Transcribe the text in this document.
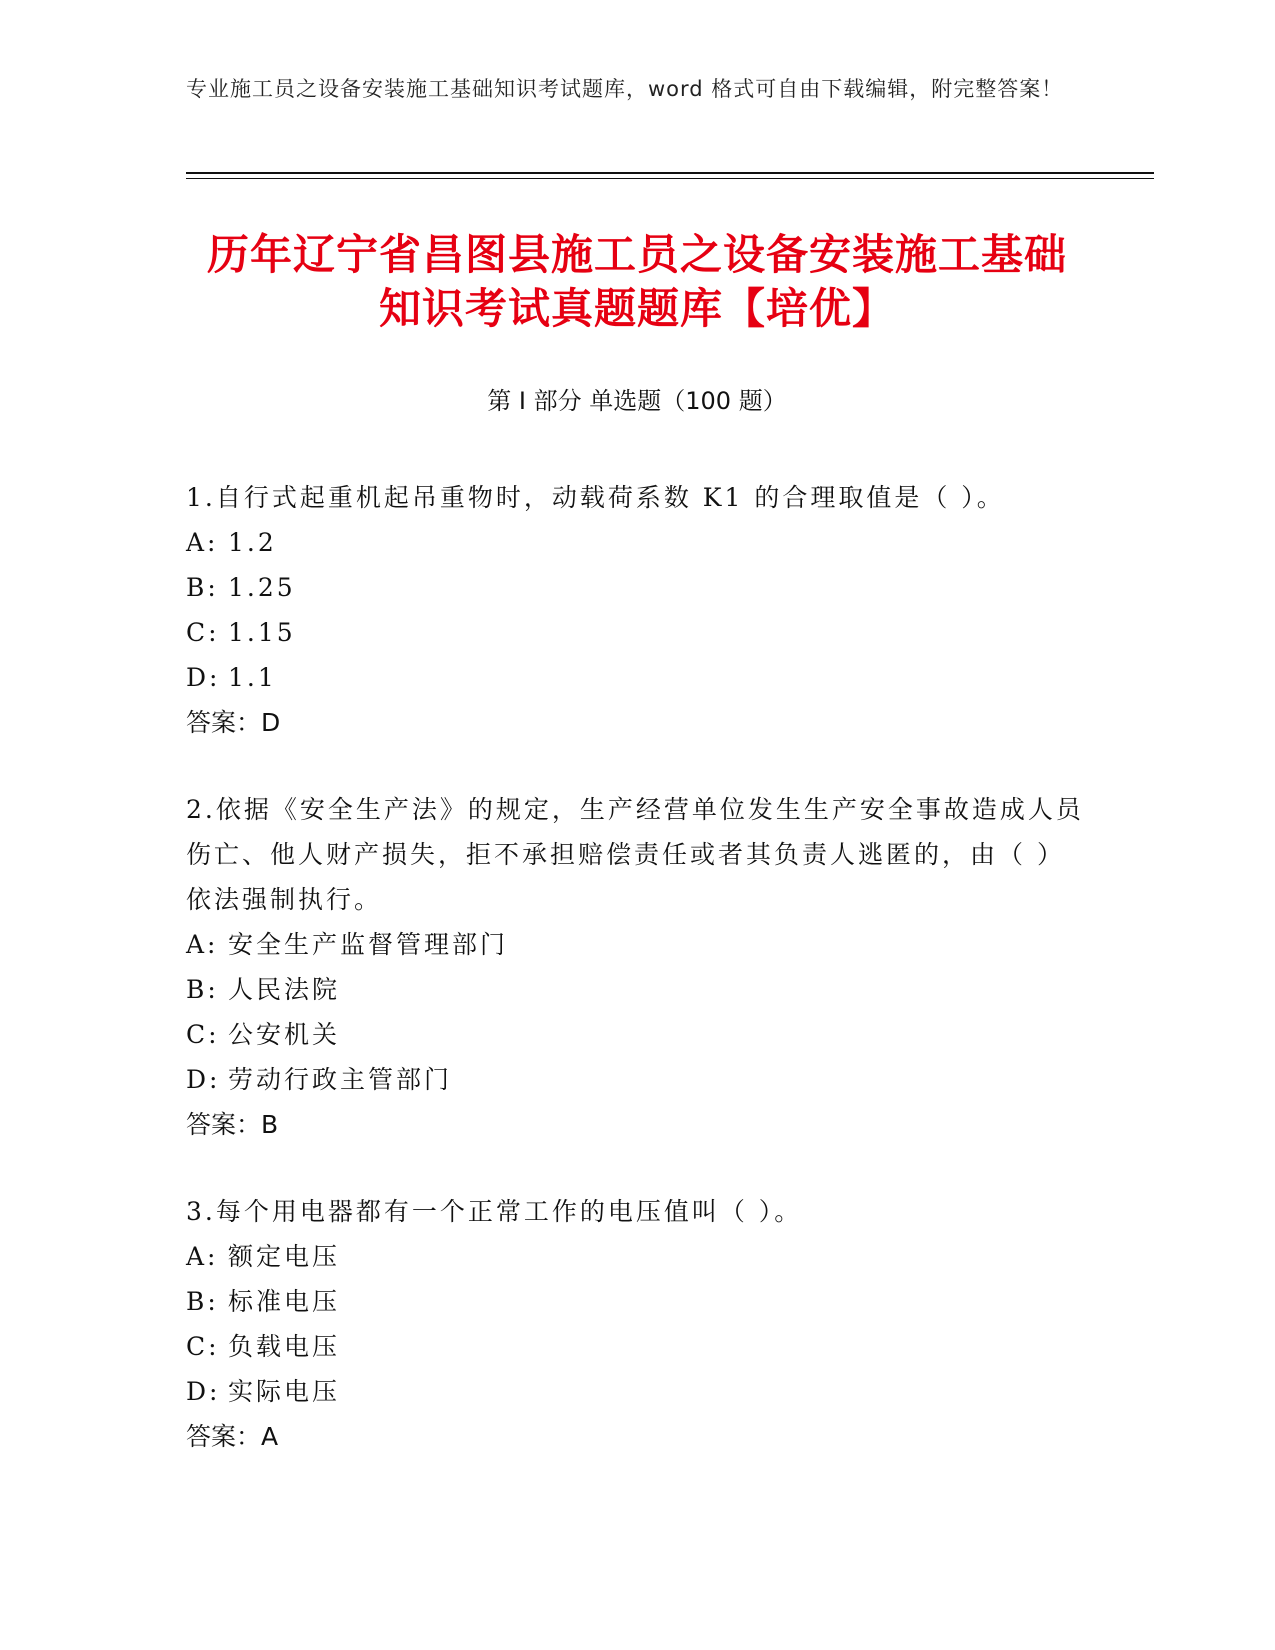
专业施工员之设备安装施工基础知识考试题库，word 格式可自由下载编辑，附完整答案！
历年辽宁省昌图县施工员之设备安装施工基础知识考试真题题库【培优】
第 I 部分 单选题（100 题）
1.自行式起重机起吊重物时，动载荷系数 K1 的合理取值是（ ）。
A: 1.2
B: 1.25
C: 1.15
D: 1.1
答案：D
2.依据《安全生产法》的规定，生产经营单位发生生产安全事故造成人员伤亡、他人财产损失，拒不承担赔偿责任或者其负责人逃匿的，由（ ）依法强制执行。
A: 安全生产监督管理部门
B: 人民法院
C: 公安机关
D: 劳动行政主管部门
答案：B
3.每个用电器都有一个正常工作的电压值叫（ ）。
A: 额定电压
B: 标准电压
C: 负载电压
D: 实际电压
答案：A
